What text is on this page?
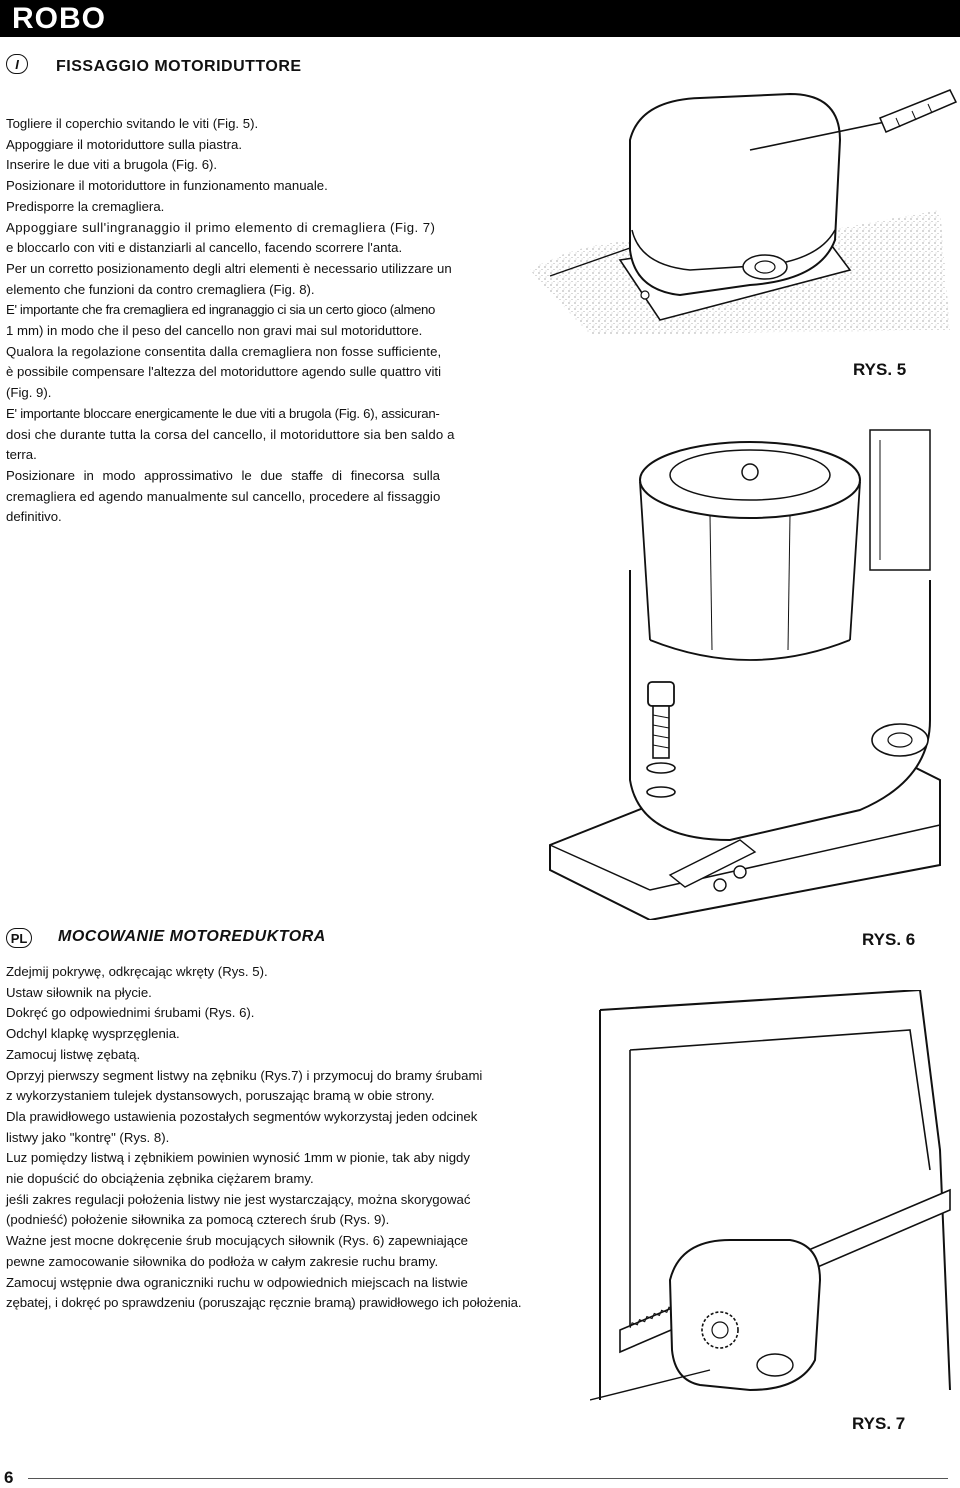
ROBO
I	FISSAGGIO MOTORIDUTTORE

Togliere il coperchio svitando le viti (Fig. 5).

Appoggiare il motoriduttore sulla piastra.

Inserire le due viti a brugola (Fig. 6).

Posizionare il motoriduttore in funzionamento manuale.

Predisporre la cremagliera.

Appoggiare sull'ingranaggio il primo elemento di cremagliera (Fig. 7)

e bloccarlo con viti e distanziarli al cancello, facendo scorrere l'anta.

Per un corretto posizionamento degli altri elementi è necessario utilizzare un

elemento che funzioni da contro cremagliera (Fig. 8).

E' importante che fra cremagliera ed ingranaggio ci sia un certo gioco (almeno

1 mm) in modo che il peso del cancello non gravi mai sul motoriduttore.

Qualora la regolazione consentita dalla cremagliera non fosse sufficiente,

è possibile compensare l'altezza del motoriduttore agendo sulle quattro viti

(Fig. 9).

E' importante bloccare energicamente le due viti a brugola (Fig. 6), assicuran-

dosi che durante tutta la corsa del cancello, il motoriduttore sia ben saldo a

terra.

Posizionare in modo approssimativo le due staffe di finecorsa sulla

cremagliera ed agendo manualmente sul cancello, procedere al fissaggio

definitivo.

PL MOCOWANIE MOTOREDUKTORA

Zdejmij pokrywę, odkręcając wkręty (Rys. 5).

Ustaw siłownik na płycie.

Dokręć go odpowiednimi śrubami (Rys. 6).

Odchyl klapkę wysprzęglenia.

Zamocuj listwę zębatą.

Oprzyj pierwszy segment listwy na zębniku (Rys.7) i przymocuj do bramy śrubami

z wykorzystaniem tulejek dystansowych, poruszając bramą w obie strony.

Dla prawidłowego ustawienia pozostałych segmentów wykorzystaj jeden odcinek

listwy jako "kontrę" (Rys. 8).

Luz pomiędzy listwą i zębnikiem powinien wynosić 1mm w pionie, tak aby nigdy

nie dopuścić do obciążenia zębnika ciężarem bramy.

jeśli zakres regulacji położenia listwy nie jest wystarczający, można skorygować

(podnieść) położenie siłownika za pomocą czterech śrub (Rys. 9).

Ważne jest mocne dokręcenie śrub mocujących siłownik (Rys. 6) zapewniające

pewne zamocowanie siłownika do podłoża w całym zakresie ruchu bramy.

Zamocuj wstępnie dwa ograniczniki ruchu w odpowiednich miejscach na listwie

zębatej, i dokręć po sprawdzeniu (poruszając ręcznie bramą) prawidłowego ich położenia.

RYS. 5
RYS. 6
RYS. 7
6
